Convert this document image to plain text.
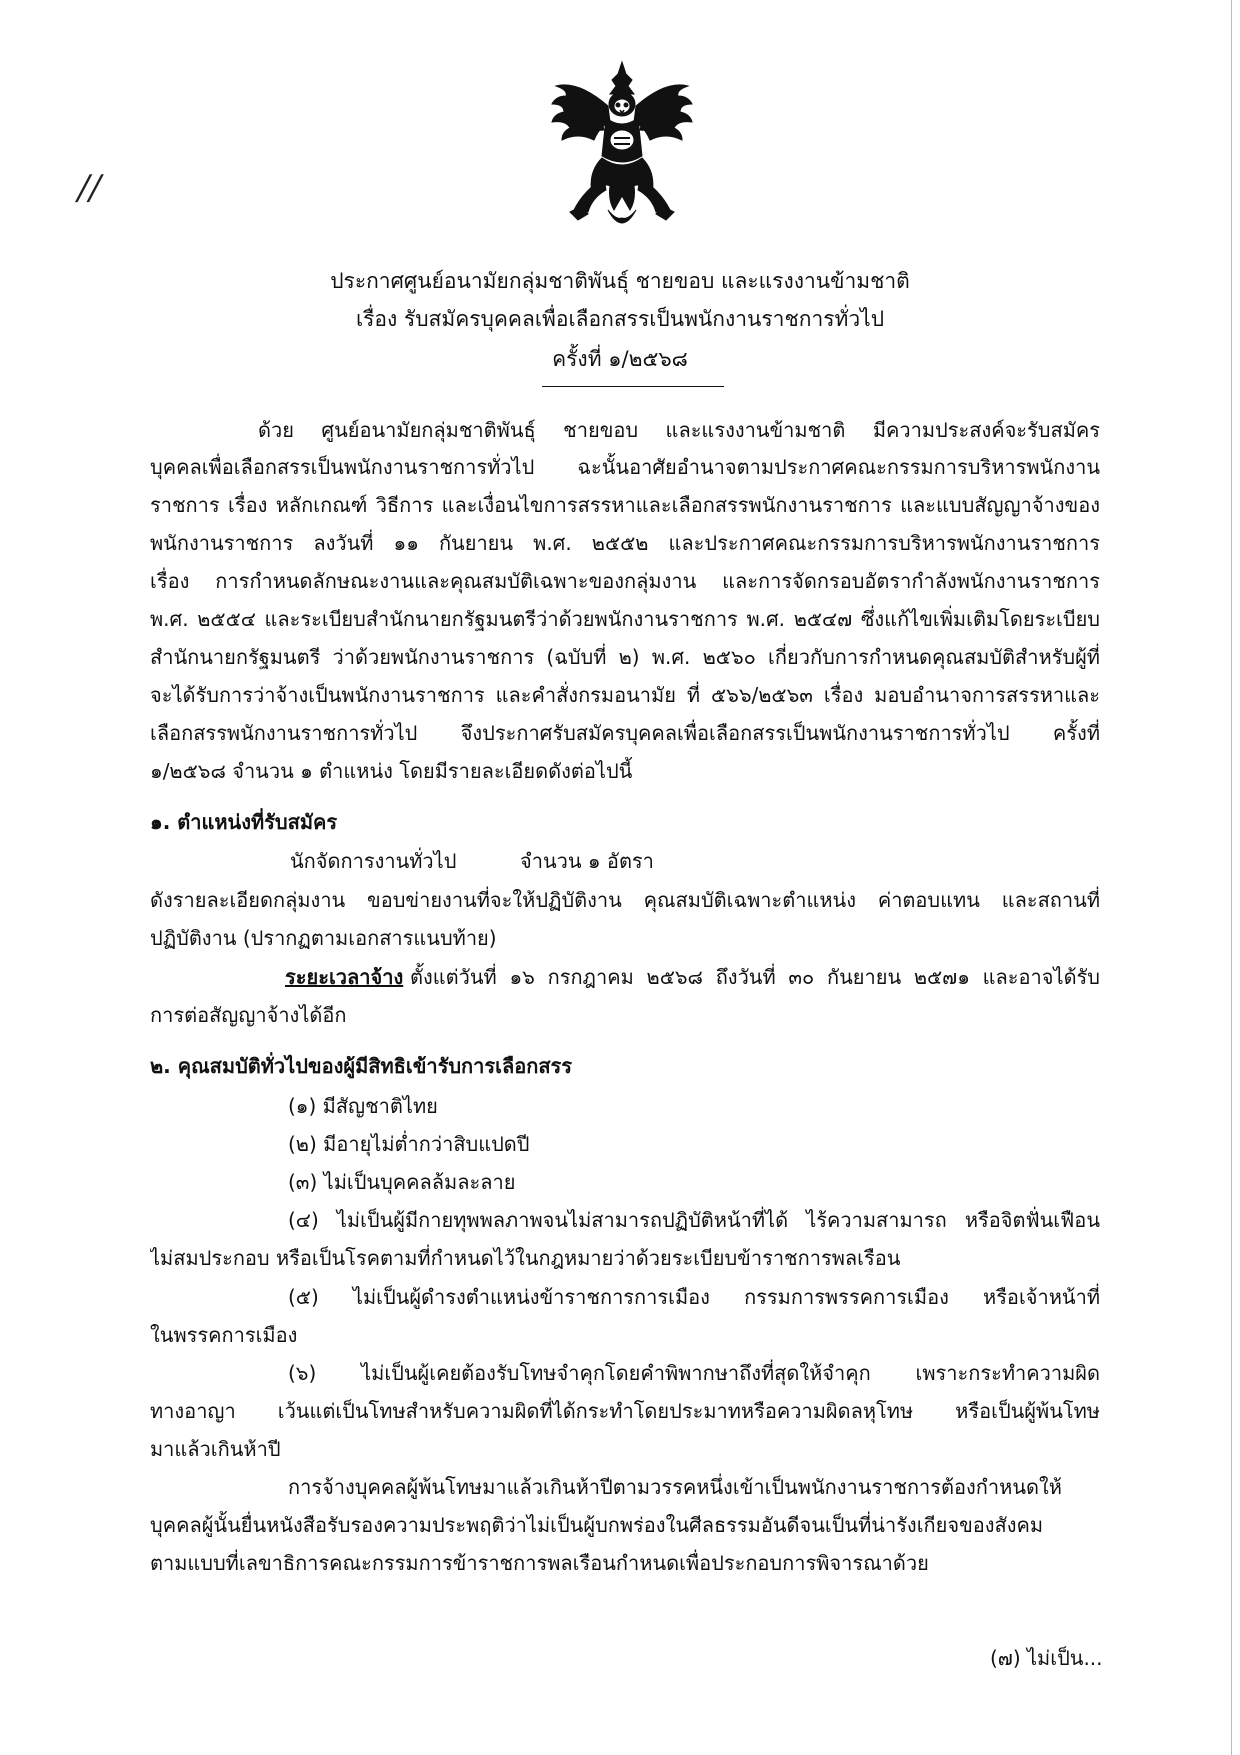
//
ประกาศศูนย์อนามัยกลุ่มชาติพันธุ์ ชายขอบ และแรงงานข้ามชาติ
เรื่อง รับสมัครบุคคลเพื่อเลือกสรรเป็นพนักงานราชการทั่วไป
ครั้งที่ ๑/๒๕๖๘
ด้วย ศูนย์อนามัยกลุ่มชาติพันธุ์ ชายขอบ และแรงงานข้ามชาติ มีความประสงค์จะรับสมัคร
บุคคลเพื่อเลือกสรรเป็นพนักงานราชการทั่วไป ฉะนั้นอาศัยอำนาจตามประกาศคณะกรรมการบริหารพนักงาน
ราชการ เรื่อง หลักเกณฑ์ วิธีการ และเงื่อนไขการสรรหาและเลือกสรรพนักงานราชการ และแบบสัญญาจ้างของ
พนักงานราชการ ลงวันที่ ๑๑ กันยายน พ.ศ. ๒๕๕๒ และประกาศคณะกรรมการบริหารพนักงานราชการ
เรื่อง การกำหนดลักษณะงานและคุณสมบัติเฉพาะของกลุ่มงาน และการจัดกรอบอัตรากำลังพนักงานราชการ
พ.ศ. ๒๕๕๔ และระเบียบสำนักนายกรัฐมนตรีว่าด้วยพนักงานราชการ พ.ศ. ๒๕๔๗ ซึ่งแก้ไขเพิ่มเติมโดยระเบียบ
สำนักนายกรัฐมนตรี ว่าด้วยพนักงานราชการ (ฉบับที่ ๒) พ.ศ. ๒๕๖๐ เกี่ยวกับการกำหนดคุณสมบัติสำหรับผู้ที่
จะได้รับการว่าจ้างเป็นพนักงานราชการ และคำสั่งกรมอนามัย ที่ ๕๖๖/๒๕๖๓ เรื่อง มอบอำนาจการสรรหาและ
เลือกสรรพนักงานราชการทั่วไป จึงประกาศรับสมัครบุคคลเพื่อเลือกสรรเป็นพนักงานราชการทั่วไป ครั้งที่
๑/๒๕๖๘ จำนวน ๑ ตำแหน่ง โดยมีรายละเอียดดังต่อไปนี้
๑. ตำแหน่งที่รับสมัคร
นักจัดการงานทั่วไป	จำนวน ๑ อัตรา
ดังรายละเอียดกลุ่มงาน ขอบข่ายงานที่จะให้ปฏิบัติงาน คุณสมบัติเฉพาะตำแหน่ง ค่าตอบแทน และสถานที่
ปฏิบัติงาน (ปรากฏตามเอกสารแนบท้าย)
ระยะเวลาจ้าง ตั้งแต่วันที่ ๑๖ กรกฎาคม ๒๕๖๘ ถึงวันที่ ๓๐ กันยายน ๒๕๗๑ และอาจได้รับ
การต่อสัญญาจ้างได้อีก
๒. คุณสมบัติทั่วไปของผู้มีสิทธิเข้ารับการเลือกสรร
(๑) มีสัญชาติไทย
(๒) มีอายุไม่ต่ำกว่าสิบแปดปี
(๓) ไม่เป็นบุคคลล้มละลาย
(๔) ไม่เป็นผู้มีกายทุพพลภาพจนไม่สามารถปฏิบัติหน้าที่ได้ ไร้ความสามารถ หรือจิตฟั่นเฟือน
ไม่สมประกอบ หรือเป็นโรคตามที่กำหนดไว้ในกฎหมายว่าด้วยระเบียบข้าราชการพลเรือน
(๕) ไม่เป็นผู้ดำรงตำแหน่งข้าราชการการเมือง กรรมการพรรคการเมือง หรือเจ้าหน้าที่
ในพรรคการเมือง
(๖) ไม่เป็นผู้เคยต้องรับโทษจำคุกโดยคำพิพากษาถึงที่สุดให้จำคุก เพราะกระทำความผิด
ทางอาญา เว้นแต่เป็นโทษสำหรับความผิดที่ได้กระทำโดยประมาทหรือความผิดลหุโทษ หรือเป็นผู้พ้นโทษ
มาแล้วเกินห้าปี
การจ้างบุคคลผู้พ้นโทษมาแล้วเกินห้าปีตามวรรคหนึ่งเข้าเป็นพนักงานราชการต้องกำหนดให้
บุคคลผู้นั้นยื่นหนังสือรับรองความประพฤติว่าไม่เป็นผู้บกพร่องในศีลธรรมอันดีจนเป็นที่น่ารังเกียจของสังคม
ตามแบบที่เลขาธิการคณะกรรมการข้าราชการพลเรือนกำหนดเพื่อประกอบการพิจารณาด้วย
(๗) ไม่เป็น...
